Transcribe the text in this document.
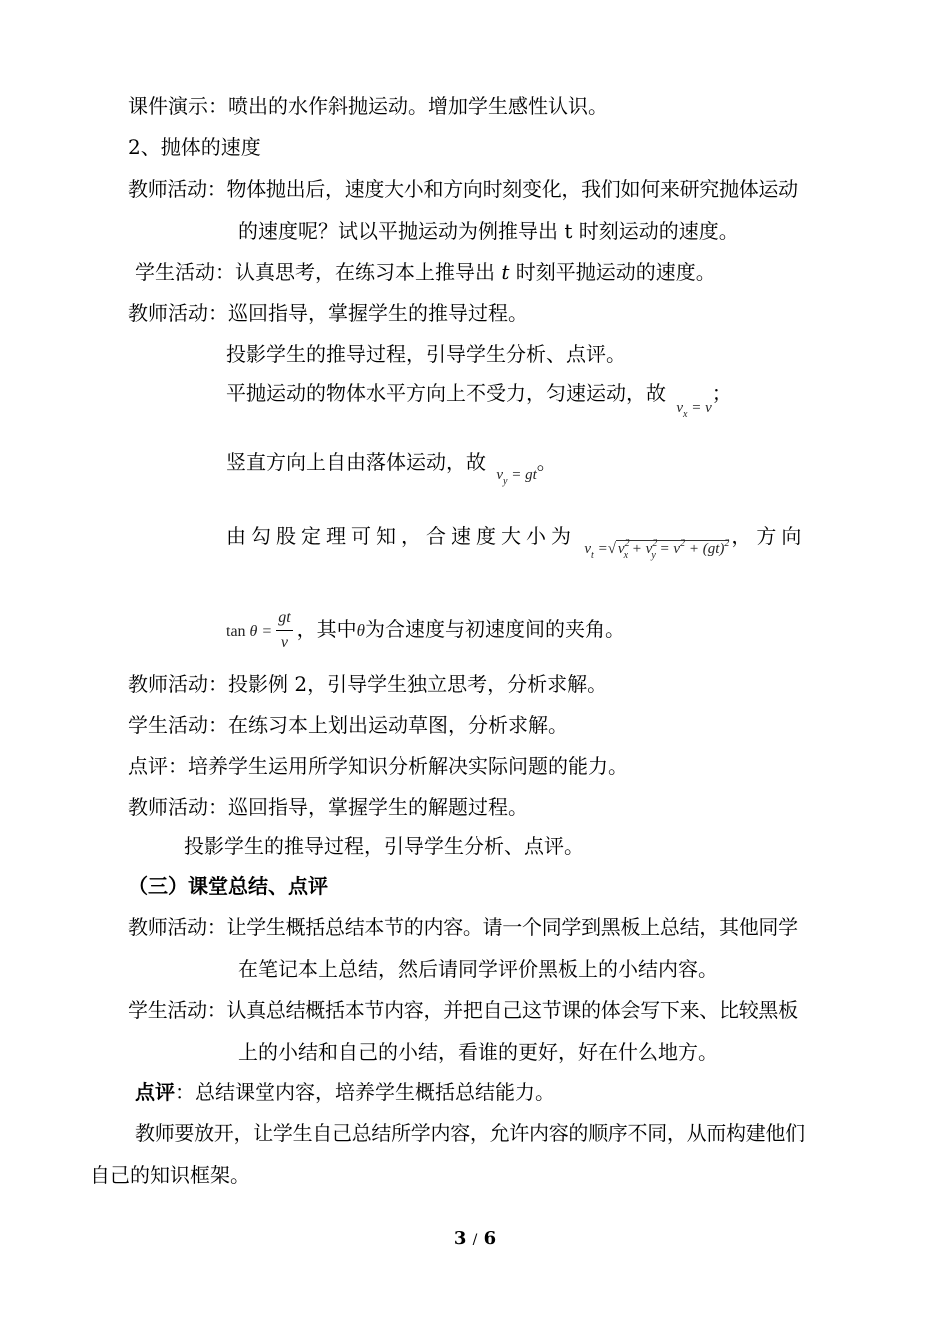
课件演示：喷出的水作斜抛运动。增加学生感性认识。
2、抛体的速度
教师活动：物体抛出后，速度大小和方向时刻变化，我们如何来研究抛体运动
的速度呢？试以平抛运动为例推导出 t 时刻运动的速度。
学生活动：认真思考，在练习本上推导出 t 时刻平抛运动的速度。
教师活动：巡回指导，掌握学生的推导过程。
投影学生的推导过程，引导学生分析、点评。
平抛运动的物体水平方向上不受力，匀速运动，故 $v_x = v$；
竖直方向上自由落体运动，故 $v_y$ = gt。
由勾股定理可知，合速度大小为 $v_t$ =√ $v^2_x + v^2_y = v^2 + (gt)^2$ ，方向
$\tan \theta = \frac{gt}{v}$ ，其中θ为合速度与初速度间的夹角。
教师活动：投影例 2，引导学生独立思考，分析求解。
学生活动：在练习本上划出运动草图，分析求解。
点评：培养学生运用所学知识分析解决实际问题的能力。
教师活动：巡回指导，掌握学生的解题过程。
投影学生的推导过程，引导学生分析、点评。
（三）课堂总结、点评
教师活动：让学生概括总结本节的内容。请一个同学到黑板上总结，其他同学
在笔记本上总结，然后请同学评价黑板上的小结内容。
学生活动：认真总结概括本节内容，并把自己这节课的体会写下来、比较黑板
上的小结和自己的小结，看谁的更好，好在什么地方。
点评：总结课堂内容，培养学生概括总结能力。
教师要放开，让学生自己总结所学内容，允许内容的顺序不同，从而构建他们
自己的知识框架。
3 / 6
